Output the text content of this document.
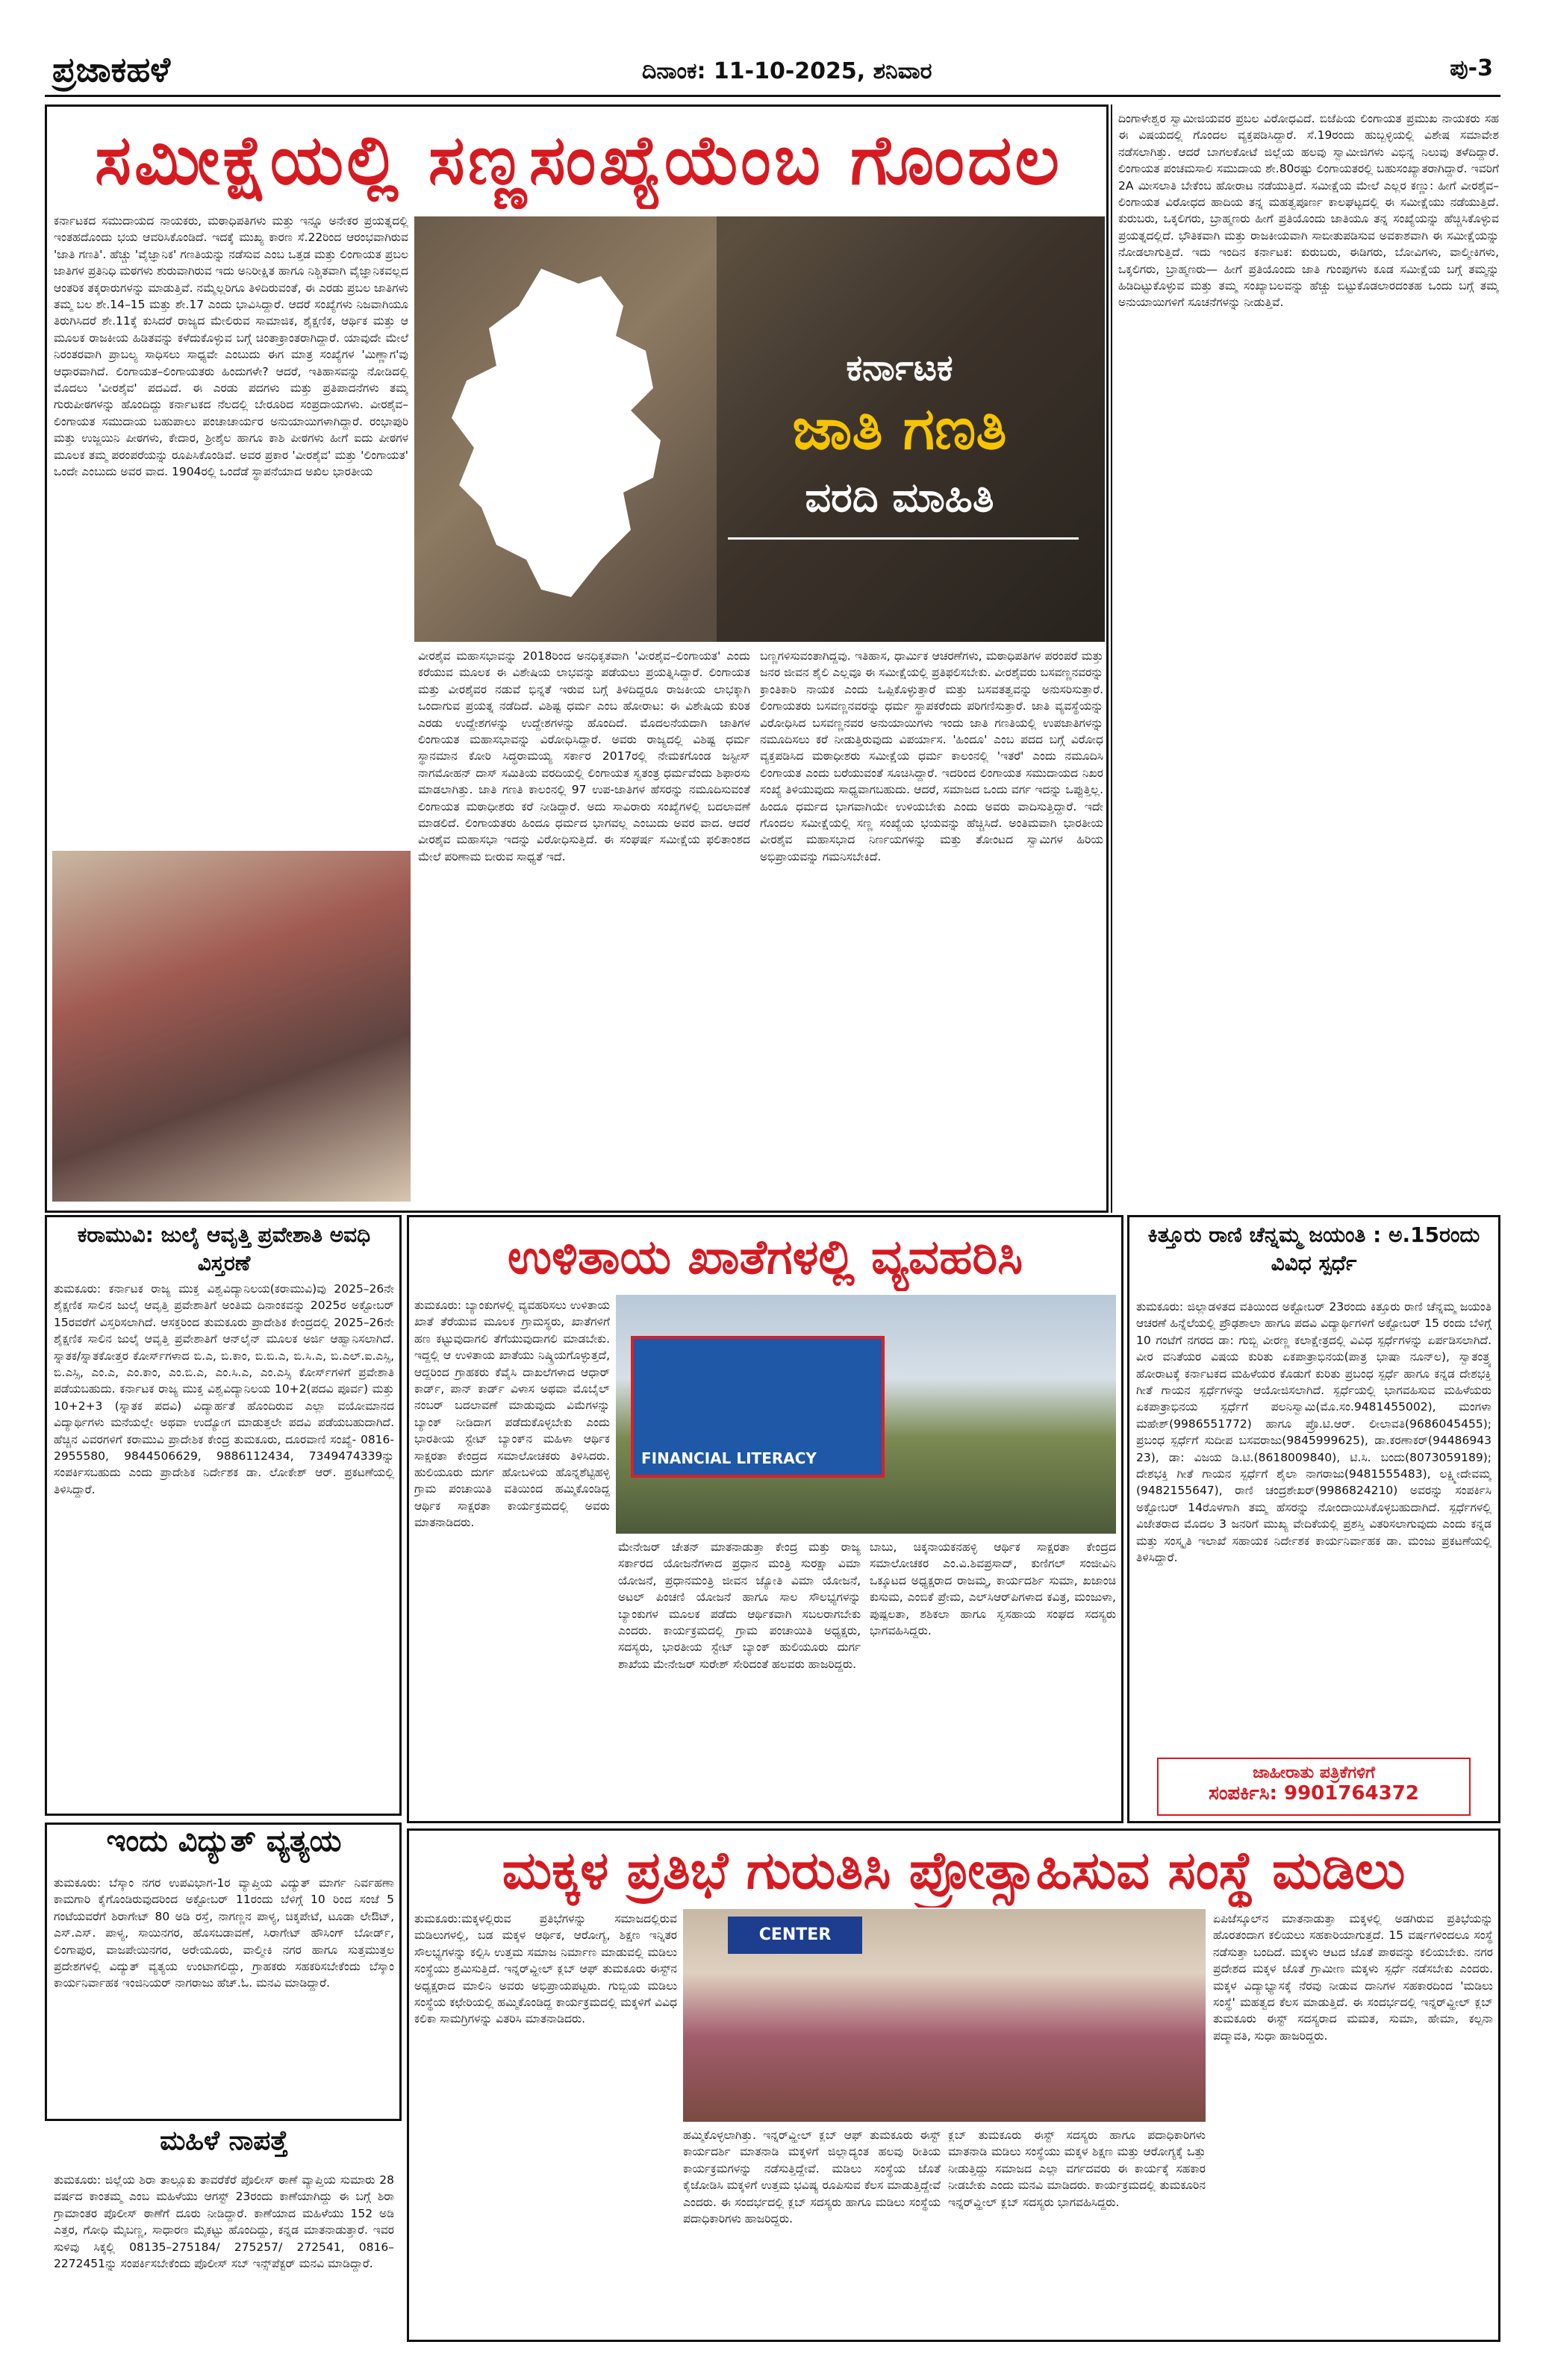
ಪ್ರಜಾಕಹಳೆ	ದಿನಾಂಕ: 11-10-2025, ಶನಿವಾರ	ಪು-3
ಸಮೀಕ್ಷೆಯಲ್ಲಿ ಸಣ್ಣಸಂಖ್ಯೆಯೆಂಬ ಗೊಂದಲ
ಕರ್ನಾಟಕದ ಸಮುದಾಯದ ನಾಯಕರು, ಮಠಾಧಿಪತಿಗಳು ಮತ್ತು ಇನ್ನೂ ಅನೇಕರ ಪ್ರಯತ್ನದಲ್ಲಿ ಇಂತಹದೊಂದು ಭಯ ಆವರಿಸಿಕೊಂಡಿದೆ. ಇದಕ್ಕೆ ಮುಖ್ಯ ಕಾರಣ ಸೆ.22ರಿಂದ ಆರಂಭವಾಗಿರುವ 'ಜಾತಿ ಗಣತಿ'. ಹೆಚ್ಚು 'ವೈಜ್ಞಾನಿಕ' ಗಣತಿಯನ್ನು ನಡೆಸುವ ಎಂಬ ಒತ್ತಡ ಮತ್ತು ಲಿಂಗಾಯತ ಪ್ರಬಲ ಜಾತಿಗಳ ಪ್ರತಿನಿಧಿ ಮಠಗಳು ಶುರುವಾಗಿರುವ ಇದು ಅನಿರೀಕ್ಷಿತ ಹಾಗೂ ನಿಶ್ಚಿತವಾಗಿ ವೈಜ್ಞಾನಿಕವಲ್ಲದ ಆಂತರಿಕ ತಕ್ಕರಾರುಗಳನ್ನು ಮಾಡುತ್ತಿವೆ. ನಮ್ಮೆಲ್ಲರಿಗೂ ತಿಳಿದಿರುವಂತೆ, ಈ ಎರಡು ಪ್ರಬಲ ಜಾತಿಗಳು ತಮ್ಮ ಬಲ ಶೇ.14–15 ಮತ್ತು ಶೇ.17 ಎಂದು ಭಾವಿಸಿದ್ದಾರೆ. ಆದರೆ ಸಂಖ್ಯೆಗಳು ನಿಜವಾಗಿಯೂ ತಿರುಗಿಸಿದರೆ ಶೇ.11ಕ್ಕೆ ಕುಸಿದರೆ ರಾಜ್ಯದ ಮೇಲಿರುವ ಸಾಮಾಜಿಕ, ಶೈಕ್ಷಣಿಕ, ಆರ್ಥಿಕ ಮತ್ತು ಆ ಮೂಲಕ ರಾಜಕೀಯ ಹಿಡಿತವನ್ನು ಕಳೆದುಕೊಳ್ಳುವ ಬಗ್ಗೆ ಚಿಂತಾಕ್ರಾಂತರಾಗಿದ್ದಾರೆ. ಯಾವುದೇ ಮೇಲೆ ನಿರಂತರವಾಗಿ ಪ್ರಾಬಲ್ಯ ಸಾಧಿಸಲು ಸಾಧ್ಯವೇ ಎಂಬುದು ಈಗ ಮಾತ್ರ ಸಂಖ್ಯೆಗಳ 'ಮಿಣ್ಣಾಗ'ವು ಆಧಾರವಾಗಿದೆ. ಲಿಂಗಾಯತ–ಲಿಂಗಾಯತರು ಹಿಂದುಗಳೇ? ಆದರೆ, ಇತಿಹಾಸವನ್ನು ನೋಡಿದಲ್ಲಿ ಮೊದಲು 'ವೀರಶೈವ' ಪದವಿದೆ. ಈ ಎರಡು ಪದಗಳು ಮತ್ತು ಪ್ರತಿಪಾದನೆಗಳು ತಮ್ಮ ಗುರುಪೀಠಗಳನ್ನು ಹೊಂದಿದ್ದು ಕರ್ನಾಟಕದ ನೆಲದಲ್ಲಿ ಬೇರೂರಿದ ಸಂಪ್ರದಾಯಗಳು. ವೀರಶೈವ–ಲಿಂಗಾಯತ ಸಮುದಾಯ ಬಹುಪಾಲು ಪಂಚಾಚಾರ್ಯರ ಅನುಯಾಯಿಗಳಾಗಿದ್ದಾರೆ. ರಂಭಾಪುರಿ ಮತ್ತು ಉಜ್ಜಯಿನಿ ಪೀಠಗಳು, ಕೇದಾರ, ಶ್ರೀಶೈಲ ಹಾಗೂ ಕಾಶಿ ಪೀಠಗಳು ಹೀಗೆ ಐದು ಪೀಠಗಳ ಮೂಲಕ ತಮ್ಮ ಪರಂಪರೆಯನ್ನು ರೂಪಿಸಿಕೊಂಡಿವೆ. ಅವರ ಪ್ರಕಾರ 'ವೀರಶೈವ' ಮತ್ತು 'ಲಿಂಗಾಯತ' ಒಂದೇ ಎಂಬುದು ಅವರ ವಾದ. 1904ರಲ್ಲಿ ಒಂದೆಡೆ ಸ್ಥಾಪನೆಯಾದ ಅಖಿಲ ಭಾರತೀಯ
ಕರ್ನಾಟಕ
ಜಾತಿ ಗಣತಿ
ವರದಿ ಮಾಹಿತಿ
ವೀರಶೈವ ಮಹಾಸಭಾವನ್ನು 2018ರಿಂದ ಅನಧಿಕೃತವಾಗಿ 'ವೀರಶೈವ–ಲಿಂಗಾಯತ' ಎಂದು ಕರೆಯುವ ಮೂಲಕ ಈ ವಿಶೇಷಿಯ ಲಾಭವನ್ನು ಪಡೆಯಲು ಪ್ರಯತ್ನಿಸಿದ್ದಾರೆ. ಲಿಂಗಾಯತ ಮತ್ತು ವೀರಶೈವರ ನಡುವೆ ಭಿನ್ನತೆ ಇರುವ ಬಗ್ಗೆ ತಿಳಿದಿದ್ದರೂ ರಾಜಕೀಯ ಲಾಭಕ್ಕಾಗಿ ಒಂದಾಗುವ ಪ್ರಯತ್ನ ನಡೆದಿದೆ. ವಿಶಿಷ್ಟ ಧರ್ಮ ಎಂಬ ಹೋರಾಟ: ಈ ವಿಶೇಷಿಯ ಕುರಿತ ಎರಡು ಉದ್ದೇಶಗಳನ್ನು ಉದ್ದೇಶಗಳನ್ನು ಹೊಂದಿದೆ. ಮೊದಲನೆಯದಾಗಿ ಜಾತಿಗಳ ಲಿಂಗಾಯತ ಮಹಾಸಭಾವನ್ನು ವಿರೋಧಿಸಿದ್ದಾರೆ. ಅವರು ರಾಜ್ಯದಲ್ಲಿ ವಿಶಿಷ್ಟ ಧರ್ಮ ಸ್ಥಾನಮಾನ ಕೋರಿ ಸಿದ್ಧರಾಮಯ್ಯ ಸರ್ಕಾರ 2017ರಲ್ಲಿ ನೇಮಕಗೊಂಡ ಜಸ್ಟೀಸ್ ನಾಗಮೋಹನ್ ದಾಸ್ ಸಮಿತಿಯ ವರದಿಯಲ್ಲಿ ಲಿಂಗಾಯತ ಸ್ವತಂತ್ರ ಧರ್ಮವೆಂದು ಶಿಫಾರಸು ಮಾಡಲಾಗಿತ್ತು. ಜಾತಿ ಗಣತಿ ಕಾಲಂನಲ್ಲಿ 97 ಉಪ-ಜಾತಿಗಳ ಹೆಸರನ್ನು ನಮೂದಿಸುವಂತೆ ಲಿಂಗಾಯತ ಮಠಾಧೀಶರು ಕರೆ ನೀಡಿದ್ದಾರೆ. ಅದು ಸಾವಿರಾರು ಸಂಖ್ಯೆಗಳಲ್ಲಿ ಬದಲಾವಣೆ ಮಾಡಲಿದೆ. ಲಿಂಗಾಯತರು ಹಿಂದೂ ಧರ್ಮದ ಭಾಗವಲ್ಲ ಎಂಬುದು ಅವರ ವಾದ. ಆದರೆ ವೀರಶೈವ ಮಹಾಸಭಾ ಇದನ್ನು ವಿರೋಧಿಸುತ್ತಿದೆ. ಈ ಸಂಘರ್ಷ ಸಮೀಕ್ಷೆಯ ಫಲಿತಾಂಶದ ಮೇಲೆ ಪರಿಣಾಮ ಬೀರುವ ಸಾಧ್ಯತೆ ಇದೆ.
ಬಣ್ಣಗಳಿಸುವಂತಾಗಿದ್ದವು. ಇತಿಹಾಸ, ಧಾರ್ಮಿಕ ಆಚರಣೆಗಳು, ಮಠಾಧಿಪತಿಗಳ ಪರಂಪರೆ ಮತ್ತು ಜನರ ಜೀವನ ಶೈಲಿ ಎಲ್ಲವೂ ಈ ಸಮೀಕ್ಷೆಯಲ್ಲಿ ಪ್ರತಿಫಲಿಸಬೇಕು. ವೀರಶೈವರು ಬಸವಣ್ಣನವರನ್ನು ಕ್ರಾಂತಿಕಾರಿ ನಾಯಕ ಎಂದು ಒಪ್ಪಿಕೊಳ್ಳುತ್ತಾರೆ ಮತ್ತು ಬಸವತತ್ವವನ್ನು ಅನುಸರಿಸುತ್ತಾರೆ. ಲಿಂಗಾಯತರು ಬಸವಣ್ಣನವರನ್ನು ಧರ್ಮ ಸ್ಥಾಪಕರೆಂದು ಪರಿಗಣಿಸುತ್ತಾರೆ. ಜಾತಿ ವ್ಯವಸ್ಥೆಯನ್ನು ವಿರೋಧಿಸಿದ ಬಸವಣ್ಣನವರ ಅನುಯಾಯಿಗಳು ಇಂದು ಜಾತಿ ಗಣತಿಯಲ್ಲಿ ಉಪಜಾತಿಗಳನ್ನು ನಮೂದಿಸಲು ಕರೆ ನೀಡುತ್ತಿರುವುದು ವಿಪರ್ಯಾಸ. 'ಹಿಂದೂ' ಎಂಬ ಪದದ ಬಗ್ಗೆ ವಿರೋಧ ವ್ಯಕ್ತಪಡಿಸಿದ ಮಠಾಧೀಶರು ಸಮೀಕ್ಷೆಯ ಧರ್ಮ ಕಾಲಂನಲ್ಲಿ 'ಇತರೆ' ಎಂದು ನಮೂದಿಸಿ ಲಿಂಗಾಯತ ಎಂದು ಬರೆಯುವಂತೆ ಸೂಚಿಸಿದ್ದಾರೆ. ಇದರಿಂದ ಲಿಂಗಾಯತ ಸಮುದಾಯದ ನಿಖರ ಸಂಖ್ಯೆ ತಿಳಿಯುವುದು ಸಾಧ್ಯವಾಗಬಹುದು. ಆದರೆ, ಸಮಾಜದ ಒಂದು ವರ್ಗ ಇದನ್ನು ಒಪ್ಪುತ್ತಿಲ್ಲ. ಹಿಂದೂ ಧರ್ಮದ ಭಾಗವಾಗಿಯೇ ಉಳಿಯಬೇಕು ಎಂದು ಅವರು ವಾದಿಸುತ್ತಿದ್ದಾರೆ. ಇದೇ ಗೊಂದಲ ಸಮೀಕ್ಷೆಯಲ್ಲಿ ಸಣ್ಣ ಸಂಖ್ಯೆಯ ಭಯವನ್ನು ಹೆಚ್ಚಿಸಿದೆ. ಅಂತಿಮವಾಗಿ ಭಾರತೀಯ ವೀರಶೈವ ಮಹಾಸಭಾದ ನಿರ್ಣಯಗಳನ್ನು ಮತ್ತು ತೋಂಟದ ಸ್ವಾಮಿಗಳ ಹಿರಿಯ ಅಭಿಪ್ರಾಯವನ್ನು ಗಮನಿಸಬೇಕಿದೆ.
ದಿಂಗಾಳೇಶ್ವರ ಸ್ವಾಮೀಜಿಯವರ ಪ್ರಬಲ ವಿರೋಧವಿದೆ. ಬಿಜೆಪಿಯ ಲಿಂಗಾಯತ ಪ್ರಮುಖ ನಾಯಕರು ಸಹ ಈ ವಿಷಯದಲ್ಲಿ ಗೊಂದಲ ವ್ಯಕ್ತಪಡಿಸಿದ್ದಾರೆ. ಸೆ.19ರಂದು ಹುಬ್ಬಳ್ಳಿಯಲ್ಲಿ ವಿಶೇಷ ಸಮಾವೇಶ ನಡೆಸಲಾಗಿತ್ತು. ಆದರೆ ಬಾಗಲಕೋಟೆ ಜಿಲ್ಲೆಯ ಹಲವು ಸ್ವಾಮೀಜಿಗಳು ವಿಭಿನ್ನ ನಿಲುವು ತಳೆದಿದ್ದಾರೆ. ಲಿಂಗಾಯತ ಪಂಚಮಸಾಲಿ ಸಮುದಾಯ ಶೇ.80ರಷ್ಟು ಲಿಂಗಾಯತರಲ್ಲಿ ಬಹುಸಂಖ್ಯಾತರಾಗಿದ್ದಾರೆ. ಇವರಿಗೆ 2A ಮೀಸಲಾತಿ ಬೇಕೆಂಬ ಹೋರಾಟ ನಡೆಯುತ್ತಿದೆ. ಸಮೀಕ್ಷೆಯ ಮೇಲೆ ಎಲ್ಲರ ಕಣ್ಣು: ಹೀಗೆ ವೀರಶೈವ–ಲಿಂಗಾಯತ ವಿರೋಧದ ಹಾದಿಯ ತನ್ನ ಮಹತ್ವಪೂರ್ಣ ಕಾಲಘಟ್ಟದಲ್ಲಿ ಈ ಸಮೀಕ್ಷೆಯು ನಡೆಯುತ್ತಿದೆ. ಕುರುಬರು, ಒಕ್ಕಲಿಗರು, ಬ್ರಾಹ್ಮಣರು ಹೀಗೆ ಪ್ರತಿಯೊಂದು ಜಾತಿಯೂ ತನ್ನ ಸಂಖ್ಯೆಯನ್ನು ಹೆಚ್ಚಿಸಿಕೊಳ್ಳುವ ಪ್ರಯತ್ನದಲ್ಲಿದೆ. ಭೌತಿಕವಾಗಿ ಮತ್ತು ರಾಜಕೀಯವಾಗಿ ಸಾಬೀತುಪಡಿಸುವ ಅವಕಾಶವಾಗಿ ಈ ಸಮೀಕ್ಷೆಯನ್ನು ನೋಡಲಾಗುತ್ತಿದೆ. ಇದು ಇಂದಿನ ಕರ್ನಾಟಕ: ಕುರುಬರು, ಈಡಿಗರು, ಬೋವಿಗಳು, ವಾಲ್ಮೀಕಿಗಳು, ಒಕ್ಕಲಿಗರು, ಬ್ರಾಹ್ಮಣರು— ಹೀಗೆ ಪ್ರತಿಯೊಂದು ಜಾತಿ ಗುಂಪುಗಳು ಕೂಡ ಸಮೀಕ್ಷೆಯ ಬಗ್ಗೆ ತಮ್ಮನ್ನು ಹಿಡಿದಿಟ್ಟುಕೊಳ್ಳುವ ಮತ್ತು ತಮ್ಮ ಸಂಖ್ಯಾಬಲವನ್ನು ಹೆಚ್ಚು ಬಿಟ್ಟುಕೊಡಲಾರದಂತಹ ಒಂದು ಬಗ್ಗೆ ತಮ್ಮ ಅನುಯಾಯಿಗಳಿಗೆ ಸೂಚನೆಗಳನ್ನು ನೀಡುತ್ತಿವೆ.
ಕರಾಮುವಿ: ಜುಲೈ ಆವೃತ್ತಿ ಪ್ರವೇಶಾತಿ ಅವಧಿ ವಿಸ್ತರಣೆ
ತುಮಕೂರು: ಕರ್ನಾಟಕ ರಾಜ್ಯ ಮುಕ್ತ ವಿಶ್ವವಿದ್ಯಾನಿಲಯ(ಕರಾಮುವಿ)ವು 2025–26ನೇ ಶೈಕ್ಷಣಿಕ ಸಾಲಿನ ಜುಲೈ ಆವೃತ್ತಿ ಪ್ರವೇಶಾತಿಗೆ ಅಂತಿಮ ದಿನಾಂಕವನ್ನು 2025ರ ಅಕ್ಟೋಬರ್ 15ರವರೆಗೆ ವಿಸ್ತರಿಸಲಾಗಿದೆ. ಆಸಕ್ತರಿಂದ ತುಮಕೂರು ಪ್ರಾದೇಶಿಕ ಕೇಂದ್ರದಲ್ಲಿ 2025–26ನೇ ಶೈಕ್ಷಣಿಕ ಸಾಲಿನ ಜುಲೈ ಆವೃತ್ತಿ ಪ್ರವೇಶಾತಿಗೆ ಆನ್‌ಲೈನ್ ಮೂಲಕ ಅರ್ಜಿ ಆಹ್ವಾನಿಸಲಾಗಿದೆ. ಸ್ನಾತಕ/ಸ್ನಾತಕೋತ್ತರ ಕೋರ್ಸ್‌ಗಳಾದ ಬಿ.ಎ, ಬಿ.ಕಾಂ, ಬಿ.ಬಿ.ಎ, ಬಿ.ಸಿ.ಎ, ಬಿ.ಎಲ್.ಐ.ಎಸ್ಸಿ, ಬಿ.ಎಸ್ಸಿ, ಎಂ.ಎ, ಎಂ.ಕಾಂ, ಎಂ.ಬಿ.ಎ, ಎಂ.ಸಿ.ಎ, ಎಂ.ಎಸ್ಸಿ ಕೋರ್ಸ್‌ಗಳಿಗೆ ಪ್ರವೇಶಾತಿ ಪಡೆಯಬಹುದು. ಕರ್ನಾಟಕ ರಾಜ್ಯ ಮುಕ್ತ ವಿಶ್ವವಿದ್ಯಾನಿಲಯ 10+2(ಪದವಿ ಪೂರ್ವ) ಮತ್ತು 10+2+3 (ಸ್ನಾತಕ ಪದವಿ) ವಿದ್ಯಾರ್ಹತೆ ಹೊಂದಿರುವ ಎಲ್ಲಾ ವಯೋಮಾನದ ವಿದ್ಯಾರ್ಥಿಗಳು ಮನೆಯಲ್ಲೇ ಅಥವಾ ಉದ್ಯೋಗ ಮಾಡುತ್ತಲೇ ಪದವಿ ಪಡೆಯಬಹುದಾಗಿದೆ. ಹೆಚ್ಚಿನ ವಿವರಗಳಿಗೆ ಕರಾಮುವಿ ಪ್ರಾದೇಶಿಕ ಕೇಂದ್ರ ತುಮಕೂರು, ದೂರವಾಣಿ ಸಂಖ್ಯೆ- 0816-2955580, 9844506629, 9886112434, 7349474339ನ್ನು ಸಂಪರ್ಕಿಸಬಹುದು ಎಂದು ಪ್ರಾದೇಶಿಕ ನಿರ್ದೇಶಕ ಡಾ. ಲೋಕೇಶ್ ಆರ್. ಪ್ರಕಟಣೆಯಲ್ಲಿ ತಿಳಿಸಿದ್ದಾರೆ.
ಇಂದು ವಿದ್ಯುತ್ ವ್ಯತ್ಯಯ
ತುಮಕೂರು: ಬೆಸ್ಕಾಂ ನಗರ ಉಪವಿಭಾಗ-1ರ ವ್ಯಾಪ್ತಿಯ ವಿದ್ಯುತ್ ಮಾರ್ಗ ನಿರ್ವಹಣಾ ಕಾಮಗಾರಿ ಕೈಗೊಂಡಿರುವುದರಿಂದ ಅಕ್ಟೋಬರ್ 11ರಂದು ಬೆಳಿಗ್ಗೆ 10 ರಿಂದ ಸಂಜೆ 5 ಗಂಟೆಯವರೆಗೆ ಶಿರಾಗೇಟ್ 80 ಅಡಿ ರಸ್ತೆ, ನಾಗಣ್ಣನ ಪಾಳ್ಯ, ಚಿಕ್ಕಪೇಟೆ, ಟೂಡಾ ಲೇಔಟ್, ಎಸ್.ಎಸ್. ಪಾಳ್ಯ, ಸಾಯಿನಗರ, ಹೊಸಬಡಾವಣೆ, ಸಿರಾಗೇಟ್ ಹೌಸಿಂಗ್ ಬೋರ್ಡ್, ಲಿಂಗಾಪುರ, ವಾಜಪೇಯಿನಗರ, ಅರೇಯೂರು, ವಾಲ್ಮೀಕಿ ನಗರ ಹಾಗೂ ಸುತ್ತಮುತ್ತಲ ಪ್ರದೇಶಗಳಲ್ಲಿ ವಿದ್ಯುತ್ ವ್ಯತ್ಯಯ ಉಂಟಾಗಲಿದ್ದು, ಗ್ರಾಹಕರು ಸಹಕರಿಸಬೇಕೆಂದು ಬೆಸ್ಕಾಂ ಕಾರ್ಯನಿರ್ವಾಹಕ ಇಂಜಿನಿಯರ್ ನಾಗರಾಜು ಹೆಚ್.ಓ. ಮನವಿ ಮಾಡಿದ್ದಾರೆ.
ಮಹಿಳೆ ನಾಪತ್ತೆ
ತುಮಕೂರು: ಜಿಲ್ಲೆಯ ಶಿರಾ ತಾಲ್ಲೂಕು ತಾವರೆಕೆರೆ ಪೊಲೀಸ್ ಠಾಣೆ ವ್ಯಾಪ್ತಿಯ ಸುಮಾರು 28 ವರ್ಷದ ಕಾಂತಮ್ಮ ಎಂಬ ಮಹಿಳೆಯು ಆಗಸ್ಟ್ 23ರಂದು ಕಾಣೆಯಾಗಿದ್ದು ಈ ಬಗ್ಗೆ ಶಿರಾ ಗ್ರಾಮಾಂತರ ಪೊಲೀಸ್ ಠಾಣೆಗೆ ದೂರು ನೀಡಿದ್ದಾರೆ. ಕಾಣೆಯಾದ ಮಹಿಳೆಯು 152 ಅಡಿ ಎತ್ತರ, ಗೋಧಿ ಮೈಬಣ್ಣ, ಸಾಧಾರಣ ಮೈಕಟ್ಟು ಹೊಂದಿದ್ದು, ಕನ್ನಡ ಮಾತನಾಡುತ್ತಾರೆ. ಇವರ ಸುಳಿವು ಸಿಕ್ಕಲ್ಲಿ 08135–275184/ 275257/ 272541, 0816–2272451ನ್ನು ಸಂಪರ್ಕಿಸಬೇಕೆಂದು ಪೊಲೀಸ್ ಸಬ್ ಇನ್ಸ್‌ಪೆಕ್ಟರ್ ಮನವಿ ಮಾಡಿದ್ದಾರೆ.
ಉಳಿತಾಯ ಖಾತೆಗಳಲ್ಲಿ ವ್ಯವಹರಿಸಿ
ತುಮಕೂರು: ಬ್ಯಾಂಕುಗಳಲ್ಲಿ ವ್ಯವಹರಿಸಲು ಉಳಿತಾಯ ಖಾತೆ ತೆರೆಯುವ ಮೂಲಕ ಗ್ರಾಮಸ್ಥರು, ಖಾತೆಗಳಿಗೆ ಹಣ ಕಟ್ಟುವುದಾಗಲಿ ತೆಗೆಯುವುದಾಗಲಿ ಮಾಡಬೇಕು. ಇದ್ದಲ್ಲಿ ಆ ಉಳಿತಾಯ ಖಾತೆಯು ನಿಷ್ಕ್ರಿಯಗೊಳ್ಳುತ್ತದೆ, ಆದ್ದರಿಂದ ಗ್ರಾಹಕರು ಕೆವೈಸಿ ದಾಖಲೆಗಳಾದ ಆಧಾರ್ ಕಾರ್ಡ್, ಪಾನ್ ಕಾರ್ಡ್ ವಿಳಾಸ ಅಥವಾ ಮೊಬೈಲ್ ನಂಬರ್ ಬದಲಾವಣೆ ಮಾಡುವುದು ವಿಮೆಗಳನ್ನು ಬ್ಯಾಂಕ್ ನೀಡಿದಾಗ ಪಡೆದುಕೊಳ್ಳಬೇಕು ಎಂದು ಭಾರತೀಯ ಸ್ಟೇಟ್ ಬ್ಯಾಂಕ್‌ನ ಮಹಿಳಾ ಆರ್ಥಿಕ ಸಾಕ್ಷರತಾ ಕೇಂದ್ರದ ಸಮಾಲೋಚಕರು ತಿಳಿಸಿದರು. ಹುಲಿಯೂರು ದುರ್ಗ ಹೋಬಳಿಯ ಹೊನ್ನಶೆಟ್ಟಿಹಳ್ಳಿ ಗ್ರಾಮ ಪಂಚಾಯಿತಿ ವತಿಯಿಂದ ಹಮ್ಮಿಕೊಂಡಿದ್ದ ಆರ್ಥಿಕ ಸಾಕ್ಷರತಾ ಕಾರ್ಯಕ್ರಮದಲ್ಲಿ ಅವರು ಮಾತನಾಡಿದರು.
FINANCIAL LITERACY
ಮೇನೇಜರ್ ಚೇತನ್ ಮಾತನಾಡುತ್ತಾ ಕೇಂದ್ರ ಮತ್ತು ರಾಜ್ಯ ಸರ್ಕಾರದ ಯೋಜನೆಗಳಾದ ಪ್ರಧಾನ ಮಂತ್ರಿ ಸುರಕ್ಷಾ ವಿಮಾ ಯೋಜನೆ, ಪ್ರಧಾನಮಂತ್ರಿ ಜೀವನ ಜ್ಯೋತಿ ವಿಮಾ ಯೋಜನೆ, ಅಟಲ್ ಪಿಂಚಣಿ ಯೋಜನೆ ಹಾಗೂ ಸಾಲ ಸೌಲಭ್ಯಗಳನ್ನು ಬ್ಯಾಂಕುಗಳ ಮೂಲಕ ಪಡೆದು ಆರ್ಥಿಕವಾಗಿ ಸಬಲರಾಗಬೇಕು ಎಂದರು. ಕಾರ್ಯಕ್ರಮದಲ್ಲಿ ಗ್ರಾಮ ಪಂಚಾಯಿತಿ ಅಧ್ಯಕ್ಷರು, ಸದಸ್ಯರು, ಭಾರತೀಯ ಸ್ಟೇಟ್ ಬ್ಯಾಂಕ್ ಹುಲಿಯೂರು ದುರ್ಗ ಶಾಖೆಯ ಮೇನೇಜರ್ ಸುರೇಶ್ ಸೇರಿದಂತೆ ಹಲವರು ಹಾಜರಿದ್ದರು.
ಬಾಬು, ಚಿಕ್ಕನಾಯಕನಹಳ್ಳಿ ಆರ್ಥಿಕ ಸಾಕ್ಷರತಾ ಕೇಂದ್ರದ ಸಮಾಲೋಚಕರ ಎಂ.ವಿ.ಶಿವಪ್ರಸಾದ್, ಕುಣಿಗಲ್ ಸಂಜೀವಿನಿ ಒಕ್ಕೂಟದ ಅಧ್ಯಕ್ಷರಾದ ರಾಜಮ್ಮ, ಕಾರ್ಯದರ್ಶಿ ಸುಮಾ, ಖಜಾಂಚಿ ಕುಸುಮ, ಎಂಬಿಕೆ ಪ್ರೇಮ, ಎಲ್‌ಸಿಆರ್‌ಪಿಗಳಾದ ಕವಿತ್ರ, ಮಂಜುಳಾ, ಪುಷ್ಪಲತಾ, ಶಶಿಕಲಾ ಹಾಗೂ ಸ್ವಸಹಾಯ ಸಂಘದ ಸದಸ್ಯರು ಭಾಗವಹಿಸಿದ್ದರು.
ಕಿತ್ತೂರು ರಾಣಿ ಚೆನ್ನಮ್ಮ ಜಯಂತಿ : ಅ.15ರಂದು ವಿವಿಧ ಸ್ಪರ್ಧೆ
ತುಮಕೂರು: ಜಿಲ್ಲಾಡಳಿತದ ವತಿಯಿಂದ ಅಕ್ಟೋಬರ್ 23ರಂದು ಕಿತ್ತೂರು ರಾಣಿ ಚೆನ್ನಮ್ಮ ಜಯಂತಿ ಆಚರಣೆ ಹಿನ್ನೆಲೆಯಲ್ಲಿ ಪ್ರೌಢಶಾಲಾ ಹಾಗೂ ಪದವಿ ವಿದ್ಯಾರ್ಥಿಗಳಿಗೆ ಅಕ್ಟೋಬರ್ 15 ರಂದು ಬೆಳಿಗ್ಗೆ 10 ಗಂಟೆಗೆ ನಗರದ ಡಾ: ಗುಬ್ಬಿ ವೀರಣ್ಣ ಕಲಾಕ್ಷೇತ್ರದಲ್ಲಿ ವಿವಿಧ ಸ್ಪರ್ಧೆಗಳನ್ನು ಏರ್ಪಡಿಸಲಾಗಿದೆ. ವೀರ ವನಿತೆಯರ ವಿಷಯ ಕುರಿತು ಏಕಪಾತ್ರಾಭಿನಯ(ಪಾತ್ರ ಭಾಷಾ ನೂನ್‌ಲ), ಸ್ವಾತಂತ್ರ್ಯ ಹೋರಾಟಕ್ಕೆ ಕರ್ನಾಟಕದ ಮಹಿಳೆಯರ ಕೊಡುಗೆ ಕುರಿತು ಪ್ರಬಂಧ ಸ್ಪರ್ಧೆ ಹಾಗೂ ಕನ್ನಡ ದೇಶಭಕ್ತಿ ಗೀತೆ ಗಾಯನ ಸ್ಪರ್ಧೆಗಳನ್ನು ಆಯೋಜಿಸಲಾಗಿದೆ. ಸ್ಪರ್ಧೆಯಲ್ಲಿ ಭಾಗವಹಿಸುವ ಮಹಿಳೆಯರು ಏಕಪಾತ್ರಾಭಿನಯ ಸ್ಪರ್ಧೆಗೆ ಪಲನಿಸ್ವಾಮಿ(ಮೊ.ಸಂ.9481455002), ಮಂಗಳಾ ಮಹೇಶ್(9986551772) ಹಾಗೂ ಪ್ರೊ.ಟಿ.ಆರ್. ಲೀಲಾವತಿ(9686045455); ಪ್ರಬಂಧ ಸ್ಪರ್ಧೆಗೆ ಸುದೀಪ ಬಸವರಾಜು(9845999625), ಡಾ.ಕರಣಾಕರ್(94486943 23), ಡಾ: ವಿಜಯ ಡಿ.ಟಿ.(8618009840), ಟಿ.ಸಿ. ಬಂದು(8073059189); ದೇಶಭಕ್ತಿ ಗೀತೆ ಗಾಯನ ಸ್ಪರ್ಧೆಗೆ ಶೈಲಾ ನಾಗರಾಜು(9481555483), ಲಕ್ಷ್ಮೀದೇವಮ್ಮ (9482155647), ರಾಣಿ ಚಂದ್ರಶೇಖರ್(9986824210) ಅವರನ್ನು ಸಂಪರ್ಕಿಸಿ ಅಕ್ಟೋಬರ್ 14ರೊಳಗಾಗಿ ತಮ್ಮ ಹೆಸರನ್ನು ನೋಂದಾಯಿಸಿಕೊಳ್ಳಬಹುದಾಗಿದೆ. ಸ್ಪರ್ಧೆಗಳಲ್ಲಿ ವಿಜೇತರಾದ ಮೊದಲ 3 ಜನರಿಗೆ ಮುಖ್ಯ ವೇದಿಕೆಯಲ್ಲಿ ಪ್ರಶಸ್ತಿ ವಿತರಿಸಲಾಗುವುದು ಎಂದು ಕನ್ನಡ ಮತ್ತು ಸಂಸ್ಕೃತಿ ಇಲಾಖೆ ಸಹಾಯಕ ನಿರ್ದೇಶಕ ಕಾರ್ಯನಿರ್ವಾಹಕ ಡಾ. ಮಂಜು ಪ್ರಕಟಣೆಯಲ್ಲಿ ತಿಳಿಸಿದ್ದಾರೆ.
ಜಾಹೀರಾತು ಪತ್ರಿಕೆಗಳಿಗೆ
ಸಂಪರ್ಕಿಸಿ: 9901764372
ಮಕ್ಕಳ ಪ್ರತಿಭೆ ಗುರುತಿಸಿ ಪ್ರೋತ್ಸಾಹಿಸುವ ಸಂಸ್ಥೆ ಮಡಿಲು
ತುಮಕೂರು:ಮಕ್ಕಳಲ್ಲಿರುವ ಪ್ರತಿಭೆಗಳನ್ನು ಸಮಾಜದಲ್ಲಿರುವ ಮಡಿಲುಗಳಲ್ಲಿ, ಬಡ ಮಕ್ಕಳ ಆರ್ಥಿಕ, ಆರೋಗ್ಯ, ಶಿಕ್ಷಣ ಇನ್ನಿತರ ಸೌಲಭ್ಯಗಳನ್ನು ಕಲ್ಪಿಸಿ ಉತ್ತಮ ಸಮಾಜ ನಿರ್ಮಾಣ ಮಾಡುವಲ್ಲಿ ಮಡಿಲು ಸಂಸ್ಥೆಯು ಶ್ರಮಿಸುತ್ತಿದೆ. ಇನ್ನರ್‌ವ್ಹೀಲ್ ಕ್ಲಬ್ ಆಫ್ ತುಮಕೂರು ಈಸ್ಟ್‌ನ ಅಧ್ಯಕ್ಷರಾದ ಮಾಲಿನಿ ಅವರು ಅಭಿಪ್ರಾಯಪಟ್ಟರು. ಗುಬ್ಬಿಯ ಮಡಿಲು ಸಂಸ್ಥೆಯ ಕಛೇರಿಯಲ್ಲಿ ಹಮ್ಮಿಕೊಂಡಿದ್ದ ಕಾರ್ಯಕ್ರಮದಲ್ಲಿ ಮಕ್ಕಳಿಗೆ ವಿವಿಧ ಕಲಿಕಾ ಸಾಮಗ್ರಿಗಳನ್ನು ವಿತರಿಸಿ ಮಾತನಾಡಿದರು.
CENTER
ಹಮ್ಮಿಕೊಳ್ಳಲಾಗಿತ್ತು. ಇನ್ನರ್‌ವ್ಹೀಲ್ ಕ್ಲಬ್ ಆಫ್ ತುಮಕೂರು ಈಸ್ಟ್ ಕಾರ್ಯದರ್ಶಿ ಮಾತನಾಡಿ ಮಕ್ಕಳಿಗೆ ಜಿಲ್ಲಾದ್ಯಂತ ಹಲವು ರೀತಿಯ ಕಾರ್ಯಕ್ರಮಗಳನ್ನು ನಡೆಸುತ್ತಿದ್ದೇವೆ. ಮಡಿಲು ಸಂಸ್ಥೆಯ ಜೊತೆ ಕೈಜೋಡಿಸಿ ಮಕ್ಕಳಿಗೆ ಉತ್ತಮ ಭವಿಷ್ಯ ರೂಪಿಸುವ ಕೆಲಸ ಮಾಡುತ್ತಿದ್ದೇವೆ ಎಂದರು. ಈ ಸಂದರ್ಭದಲ್ಲಿ ಕ್ಲಬ್ ಸದಸ್ಯರು ಹಾಗೂ ಮಡಿಲು ಸಂಸ್ಥೆಯ ಪದಾಧಿಕಾರಿಗಳು ಹಾಜರಿದ್ದರು.
ಕ್ಲಬ್ ತುಮಕೂರು ಈಸ್ಟ್ ಸದಸ್ಯರು ಹಾಗೂ ಪದಾಧಿಕಾರಿಗಳು ಮಾತನಾಡಿ ಮಡಿಲು ಸಂಸ್ಥೆಯು ಮಕ್ಕಳ ಶಿಕ್ಷಣ ಮತ್ತು ಆರೋಗ್ಯಕ್ಕೆ ಒತ್ತು ನೀಡುತ್ತಿದ್ದು ಸಮಾಜದ ಎಲ್ಲಾ ವರ್ಗದವರು ಈ ಕಾರ್ಯಕ್ಕೆ ಸಹಕಾರ ನೀಡಬೇಕು ಎಂದು ಮನವಿ ಮಾಡಿದರು. ಕಾರ್ಯಕ್ರಮದಲ್ಲಿ ತುಮಕೂರಿನ ಇನ್ನರ್‌ವ್ಹೀಲ್ ಕ್ಲಬ್ ಸದಸ್ಯರು ಭಾಗವಹಿಸಿದ್ದರು.
ಏಪಿಜೆಸ್ಕೂಲ್‌ನ ಮಾತನಾಡುತ್ತಾ ಮಕ್ಕಳಲ್ಲಿ ಅಡಗಿರುವ ಪ್ರತಿಭೆಯನ್ನು ಹೊರತಂದಾಗ ಕಲಿಯಲು ಸಹಕಾರಿಯಾಗುತ್ತದೆ. 15 ವರ್ಷಗಳಿಂದಲೂ ಸಂಸ್ಥೆ ನಡೆಸುತ್ತಾ ಬಂದಿದೆ. ಮಕ್ಕಳು ಆಟದ ಜೊತೆ ಪಾಠವನ್ನು ಕಲಿಯಬೇಕು. ನಗರ ಪ್ರದೇಶದ ಮಕ್ಕಳ ಜೊತೆ ಗ್ರಾಮೀಣ ಮಕ್ಕಳು ಸ್ಪರ್ಧೆ ನಡೆಸಬೇಕು ಎಂದರು. ಮಕ್ಕಳ ವಿದ್ಯಾಭ್ಯಾಸಕ್ಕೆ ನೆರವು ನೀಡುವ ದಾನಿಗಳ ಸಹಕಾರದಿಂದ 'ಮಡಿಲು ಸಂಸ್ಥೆ' ಮಹತ್ವದ ಕೆಲಸ ಮಾಡುತ್ತಿದೆ. ಈ ಸಂದರ್ಭದಲ್ಲಿ ಇನ್ನರ್‌ವ್ಹೀಲ್ ಕ್ಲಬ್ ತುಮಕೂರು ಈಸ್ಟ್ ಸದಸ್ಯರಾದ ಮಮತ, ಸುಮಾ, ಹೇಮಾ, ಕಲ್ಪನಾ ಪದ್ಮಾವತಿ, ಸುಧಾ ಹಾಜರಿದ್ದರು.
